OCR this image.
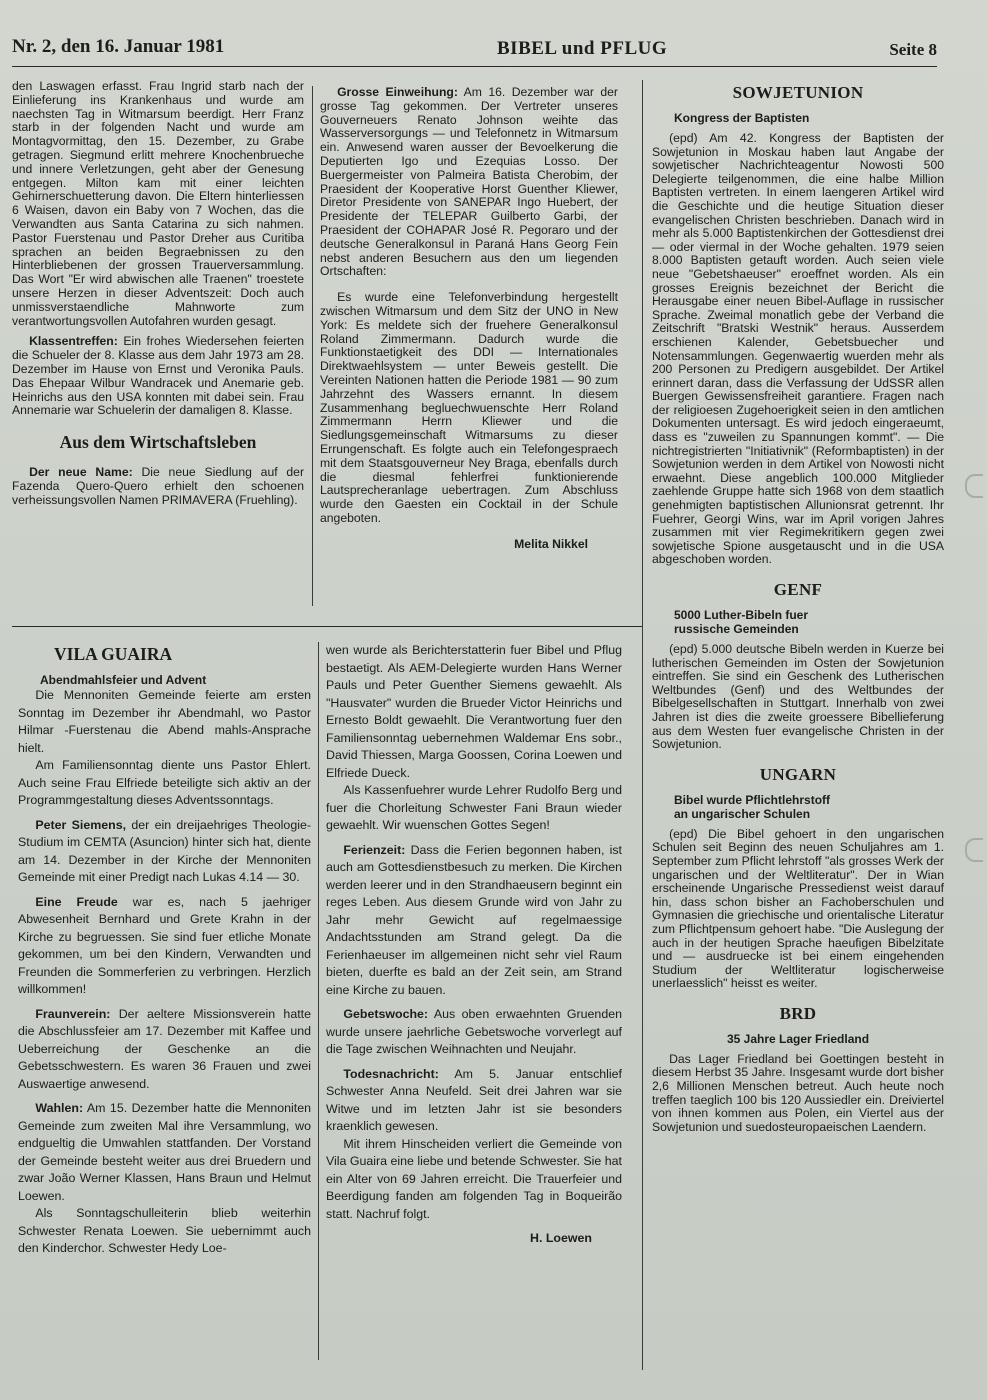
Nr. 2, den 16. Januar 1981	BIBEL und PFLUG	Seite 8

den Laswagen erfasst. Frau Ingrid starb nach der Einlieferung ins Krankenhaus und wurde am naechsten Tag in Witmarsum beerdigt. Herr Franz starb in der folgenden Nacht und wurde am Montagvormittag, den 15. Dezember, zu Grabe getragen. Siegmund erlitt mehrere Knochenbrueche und innere Verletzungen, geht aber der Genesung entgegen. Milton kam mit einer leichten Gehirnerschuetterung davon. Die Eltern hinterliessen 6 Waisen, davon ein Baby von 7 Wochen, das die Verwandten aus Santa Catarina zu sich nahmen. Pastor Fuerstenau und Pastor Dreher aus Curitiba sprachen an beiden Begraebnissen zu den Hinterbliebenen der grossen Trauerversammlung. Das Wort "Er wird abwischen alle Traenen" troestete unsere Herzen in dieser Adventszeit: Doch auch unmissverstaendliche Mahnworte zum verantwortungsvollen Autofahren wurden gesagt.

Klassentreffen: Ein frohes Wiedersehen feierten die Schueler der 8. Klasse aus dem Jahr 1973 am 28. Dezember im Hause von Ernst und Veronika Pauls. Das Ehepaar Wilbur Wandracek und Anemarie geb. Heinrichs aus den USA konnten mit dabei sein. Frau Annemarie war Schuelerin der damaligen 8. Klasse.

Aus dem Wirtschaftsleben

Der neue Name: Die neue Siedlung auf der Fazenda Quero-Quero erhielt den schoenen verheissungsvollen Namen PRIMAVERA (Fruehling).

Grosse Einweihung: Am 16. Dezember war der grosse Tag gekommen. Der Vertreter unseres Gouverneuers Renato Johnson weihte das Wasserversorgungs — und Telefonnetz in Witmarsum ein. Anwesend waren ausser der Bevoelkerung die Deputierten Igo und Ezequias Losso. Der Buergermeister von Palmeira Batista Cherobim, der Praesident der Kooperative Horst Guenther Kliewer, Diretor Presidente von SANEPAR Ingo Huebert, der Presidente der TELEPAR Guilberto Garbi, der Praesident der COHAPAR José R. Pegoraro und der deutsche Generalkonsul in Paraná Hans Georg Fein nebst anderen Besuchern aus den um liegenden Ortschaften:

Es wurde eine Telefonverbindung hergestellt zwischen Witmarsum und dem Sitz der UNO in New York: Es meldete sich der fruehere Generalkonsul Roland Zimmermann. Dadurch wurde die Funktionstaetigkeit des DDI — Internationales Direktwaehlsystem — unter Beweis gestellt. Die Vereinten Nationen hatten die Periode 1981 — 90 zum Jahrzehnt des Wassers ernannt. In diesem Zusammenhang begluechwuenschte Herr Roland Zimmermann Herrn Kliewer und die Siedlungsgemeinschaft Witmarsums zu dieser Errungenschaft. Es folgte auch ein Telefongespraech mit dem Staatsgouverneur Ney Braga, ebenfalls durch die diesmal fehlerfrei funktionierende Lautsprecheranlage uebertragen. Zum Abschluss wurde den Gaesten ein Cocktail in der Schule angeboten.

Melita Nikkel

SOWJETUNION

Kongress der Baptisten

(epd) Am 42. Kongress der Baptisten der Sowjetunion in Moskau haben laut Angabe der sowjetischer Nachrichteagentur Nowosti 500 Delegierte teilgenommen, die eine halbe Million Baptisten vertreten. In einem laengeren Artikel wird die Geschichte und die heutige Situation dieser evangelischen Christen beschrieben. Danach wird in mehr als 5.000 Baptistenkirchen der Gottesdienst drei — oder viermal in der Woche gehalten. 1979 seien 8.000 Baptisten getauft worden. Auch seien viele neue "Gebetshaeuser" eroeffnet worden. Als ein grosses Ereignis bezeichnet der Bericht die Herausgabe einer neuen Bibel-Auflage in russischer Sprache. Zweimal monatlich gebe der Verband die Zeitschrift "Bratski Westnik" heraus. Ausserdem erschienen Kalender, Gebetsbuecher und Notensammlungen. Gegenwaertig wuerden mehr als 200 Personen zu Predigern ausgebildet. Der Artikel erinnert daran, dass die Verfassung der UdSSR allen Buergen Gewissensfreiheit garantiere. Fragen nach der religioesen Zugehoerigkeit seien in den amtlichen Dokumenten untersagt. Es wird jedoch eingeraeumt, dass es "zuweilen zu Spannungen kommt". — Die nichtregistrierten "Initiativnik" (Reformbaptisten) in der Sowjetunion werden in dem Artikel von Nowosti nicht erwaehnt. Diese angeblich 100.000 Mitglieder zaehlende Gruppe hatte sich 1968 von dem staatlich genehmigten baptistischen Allunionsrat getrennt. Ihr Fuehrer, Georgi Wins, war im April vorigen Jahres zusammen mit vier Regimekritikern gegen zwei sowjetische Spione ausgetauscht und in die USA abgeschoben worden.

GENF

5000 Luther-Bibeln fuer

russische Gemeinden

(epd) 5.000 deutsche Bibeln werden in Kuerze bei lutherischen Gemeinden im Osten der Sowjetunion eintreffen. Sie sind ein Geschenk des Lutherischen Weltbundes (Genf) und des Weltbundes der Bibelgesellschaften in Stuttgart. Innerhalb von zwei Jahren ist dies die zweite groessere Bibellieferung aus dem Westen fuer evangelische Christen in der Sowjetunion.

UNGARN

Bibel wurde Pflichtlehrstoff

an ungarischer Schulen

(epd) Die Bibel gehoert in den ungarischen Schulen seit Beginn des neuen Schuljahres am 1. September zum Pflicht lehrstoff "als grosses Werk der ungarischen und der Weltliteratur". Der in Wian erscheinende Ungarische Pressedienst weist darauf hin, dass schon bisher an Fachoberschulen und Gymnasien die griechische und orientalische Literatur zum Pflichtpensum gehoert habe. "Die Auslegung der auch in der heutigen Sprache haeufigen Bibelzitate und — ausdruecke ist bei einem eingehenden Studium der Weltliteratur logischerweise unerlaesslich" heisst es weiter.

BRD

35 Jahre Lager Friedland

Das Lager Friedland bei Goettingen besteht in diesem Herbst 35 Jahre. Insgesamt wurde dort bisher 2,6 Millionen Menschen betreut. Auch heute noch treffen taeglich 100 bis 120 Aussiedler ein. Dreiviertel von ihnen kommen aus Polen, ein Viertel aus der Sowjetunion und suedosteuropaeischen Laendern.

VILA GUAIRA

Abendmahlsfeier und Advent

Die Mennoniten Gemeinde feierte am ersten Sonntag im Dezember ihr Abendmahl, wo Pastor Hilmar -Fuerstenau die Abend mahls-Ansprache hielt.

Am Familiensonntag diente uns Pastor Ehlert. Auch seine Frau Elfriede beteiligte sich aktiv an der Programmgestaltung dieses Adventssonntags.

Peter Siemens, der ein dreijaehriges Theologie-Studium im CEMTA (Asuncion) hinter sich hat, diente am 14. Dezember in der Kirche der Mennoniten Gemeinde mit einer Predigt nach Lukas 4.14 — 30.

Eine Freude war es, nach 5 jaehriger Abwesenheit Bernhard und Grete Krahn in der Kirche zu begruessen. Sie sind fuer etliche Monate gekommen, um bei den Kindern, Verwandten und Freunden die Sommerferien zu verbringen. Herzlich willkommen!

Fraunverein: Der aeltere Missionsverein hatte die Abschlussfeier am 17. Dezember mit Kaffee und Ueberreichung der Geschenke an die Gebetsschwestern. Es waren 36 Frauen und zwei Auswaertige anwesend.

Wahlen: Am 15. Dezember hatte die Mennoniten Gemeinde zum zweiten Mal ihre Versammlung, wo endgueltig die Umwahlen stattfanden. Der Vorstand der Gemeinde besteht weiter aus drei Bruedern und zwar João Werner Klassen, Hans Braun und Helmut Loewen.

Als Sonntagschulleiterin blieb weiterhin Schwester Renata Loewen. Sie uebernimmt auch den Kinderchor. Schwester Hedy Loe-

wen wurde als Berichterstatterin fuer Bibel und Pflug bestaetigt. Als AEM-Delegierte wurden Hans Werner Pauls und Peter Guenther Siemens gewaehlt. Als "Hausvater" wurden die Brueder Victor Heinrichs und Ernesto Boldt gewaehlt. Die Verantwortung fuer den Familiensonntag uebernehmen Waldemar Ens sobr., David Thiessen, Marga Goossen, Corina Loewen und Elfriede Dueck.

Als Kassenfuehrer wurde Lehrer Rudolfo Berg und fuer die Chorleitung Schwester Fani Braun wieder gewaehlt. Wir wuenschen Gottes Segen!

Ferienzeit: Dass die Ferien begonnen haben, ist auch am Gottesdienstbesuch zu merken. Die Kirchen werden leerer und in den Strandhaeusern beginnt ein reges Leben. Aus diesem Grunde wird von Jahr zu Jahr mehr Gewicht auf regelmaessige Andachtsstunden am Strand gelegt. Da die Ferienhaeuser im allgemeinen nicht sehr viel Raum bieten, duerfte es bald an der Zeit sein, am Strand eine Kirche zu bauen.

Gebetswoche: Aus oben erwaehnten Gruenden wurde unsere jaehrliche Gebetswoche vorverlegt auf die Tage zwischen Weihnachten und Neujahr.

Todesnachricht: Am 5. Januar entschlief Schwester Anna Neufeld. Seit drei Jahren war sie Witwe und im letzten Jahr ist sie besonders kraenklich gewesen.

Mit ihrem Hinscheiden verliert die Gemeinde von Vila Guaira eine liebe und betende Schwester. Sie hat ein Alter von 69 Jahren erreicht. Die Trauerfeier und Beerdigung fanden am folgenden Tag in Boqueirão statt. Nachruf folgt.

H. Loewen
